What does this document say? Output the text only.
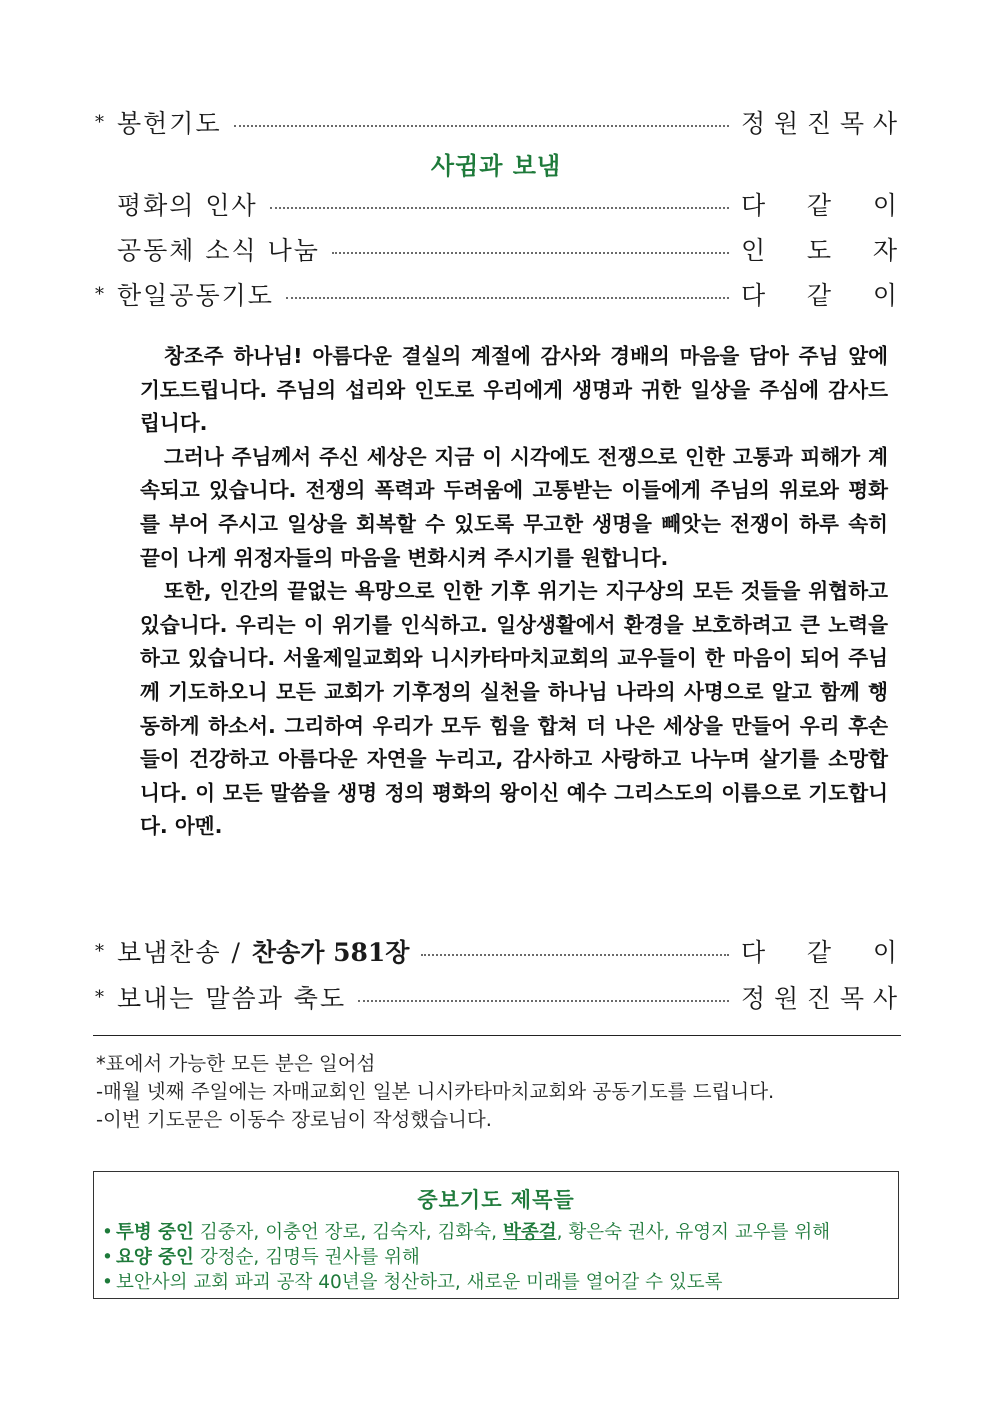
* 봉헌기도	정 원 진 목 사
사귐과 보냄
평화의 인사	다 같 이
공동체 소식 나눔	인 도 자
* 한일공동기도	다 같 이

창조주 하나님! 아름다운 결실의 계절에 감사와 경배의 마음을 담아 주님 앞에 기도드립니다. 주님의 섭리와 인도로 우리에게 생명과 귀한 일상을 주심에 감사드립니다.

그러나 주님께서 주신 세상은 지금 이 시각에도 전쟁으로 인한 고통과 피해가 계속되고 있습니다. 전쟁의 폭력과 두려움에 고통받는 이들에게 주님의 위로와 평화를 부어 주시고 일상을 회복할 수 있도록 무고한 생명을 빼앗는 전쟁이 하루 속히 끝이 나게 위정자들의 마음을 변화시켜 주시기를 원합니다.

또한, 인간의 끝없는 욕망으로 인한 기후 위기는 지구상의 모든 것들을 위협하고 있습니다. 우리는 이 위기를 인식하고. 일상생활에서 환경을 보호하려고 큰 노력을 하고 있습니다. 서울제일교회와 니시카타마치교회의 교우들이 한 마음이 되어 주님께 기도하오니 모든 교회가 기후정의 실천을 하나님 나라의 사명으로 알고 함께 행동하게 하소서. 그리하여 우리가 모두 힘을 합쳐 더 나은 세상을 만들어 우리 후손들이 건강하고 아름다운 자연을 누리고, 감사하고 사랑하고 나누며 살기를 소망합니다. 이 모든 말씀을 생명 정의 평화의 왕이신 예수 그리스도의 이름으로 기도합니다. 아멘.

* 보냄찬송 / 찬송가 581장	다 같 이
* 보내는 말씀과 축도	정 원 진 목 사
*표에서 가능한 모든 분은 일어섬
-매월 넷째 주일에는 자매교회인 일본 니시카타마치교회와 공동기도를 드립니다.
-이번 기도문은 이동수 장로님이 작성했습니다.
중보기도 제목들
• 투병 중인 김중자, 이충언 장로, 김숙자, 김화숙, 박종걸, 황은숙 권사, 유영지 교우를 위해
• 요양 중인 강정순, 김명득 권사를 위해
• 보안사의 교회 파괴 공작 40년을 청산하고, 새로운 미래를 열어갈 수 있도록
